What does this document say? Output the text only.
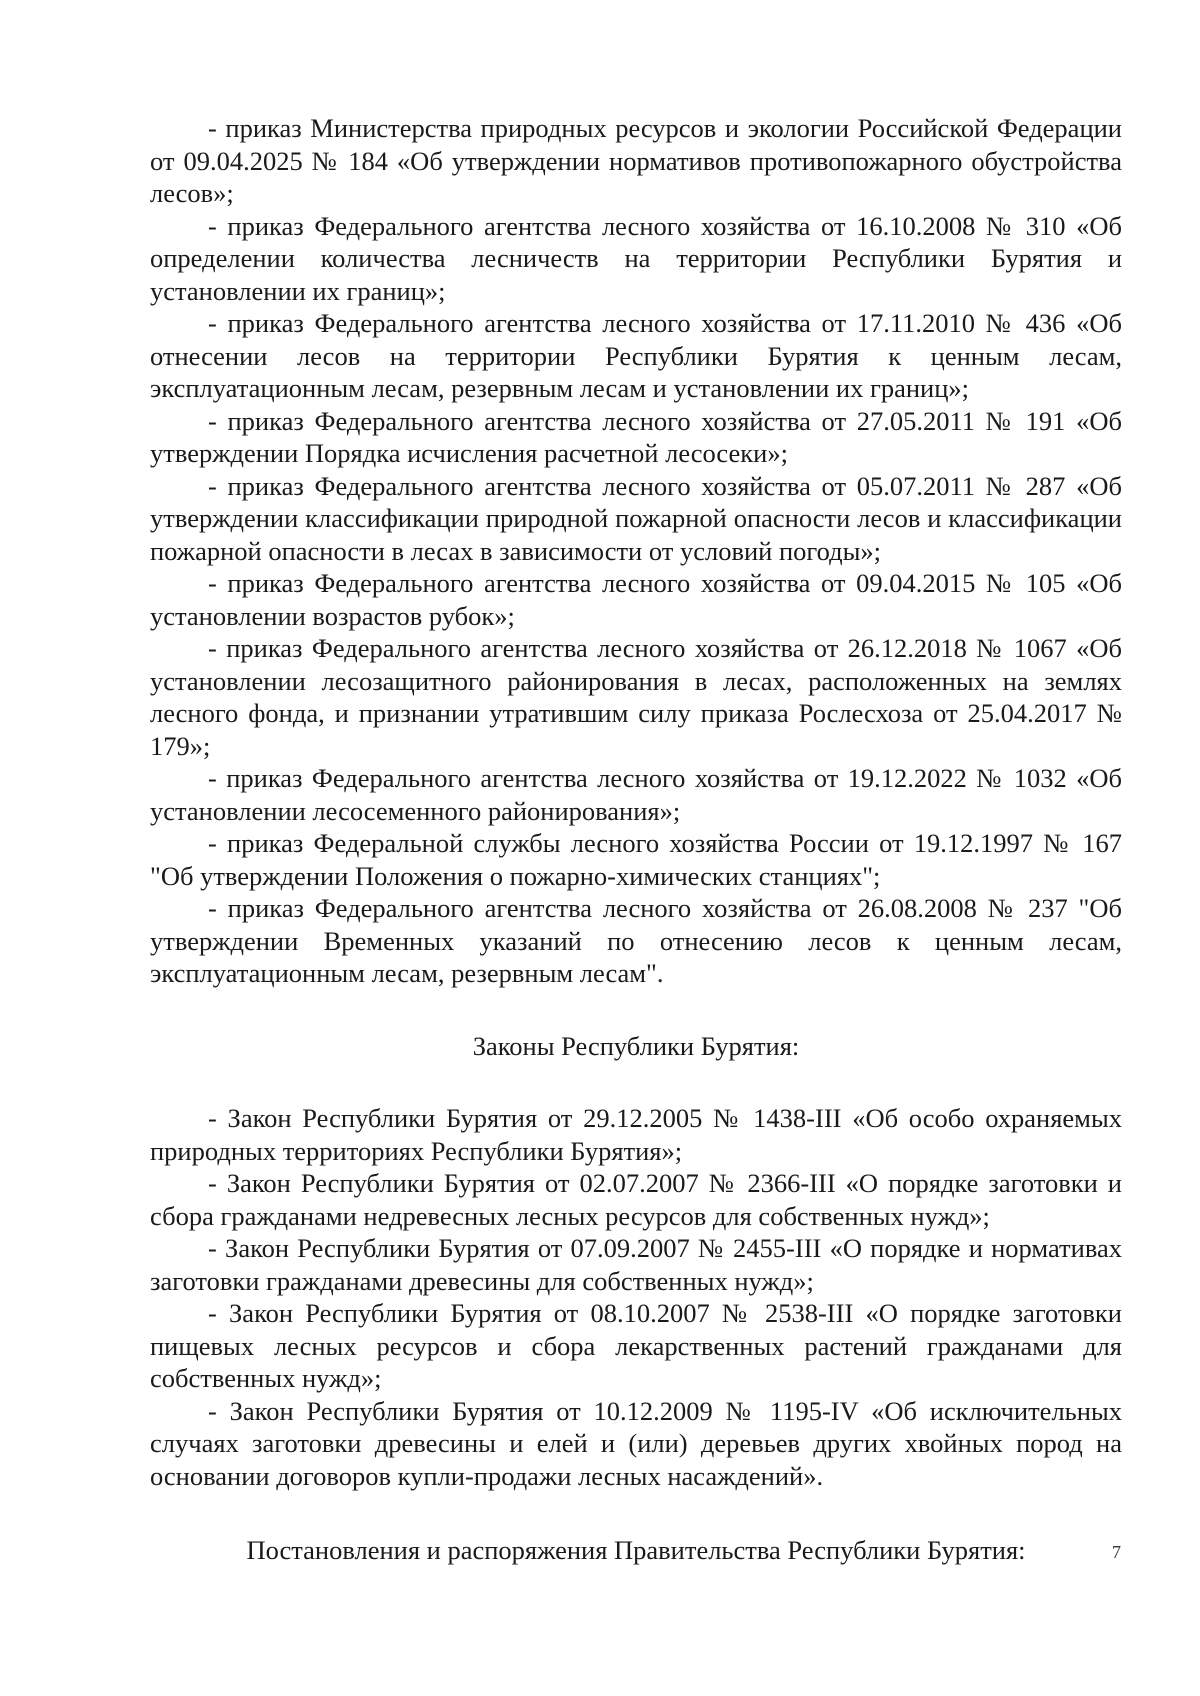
- приказ Министерства природных ресурсов и экологии Российской Федерации от 09.04.2025 № 184 «Об утверждении нормативов противопожарного обустройства лесов»;

- приказ Федерального агентства лесного хозяйства от 16.10.2008 № 310 «Об определении количества лесничеств на территории Республики Бурятия и установлении их границ»;

- приказ Федерального агентства лесного хозяйства от 17.11.2010 № 436 «Об отнесении лесов на территории Республики Бурятия к ценным лесам, эксплуатационным лесам, резервным лесам и установлении их границ»;

- приказ Федерального агентства лесного хозяйства от 27.05.2011 № 191 «Об утверждении Порядка исчисления расчетной лесосеки»;

- приказ Федерального агентства лесного хозяйства от 05.07.2011 № 287 «Об утверждении классификации природной пожарной опасности лесов и классификации пожарной опасности в лесах в зависимости от условий погоды»;

- приказ Федерального агентства лесного хозяйства от 09.04.2015 № 105 «Об установлении возрастов рубок»;

- приказ Федерального агентства лесного хозяйства от 26.12.2018 № 1067 «Об установлении лесозащитного районирования в лесах, расположенных на землях лесного фонда, и признании утратившим силу приказа Рослесхоза от 25.04.2017 № 179»;

- приказ Федерального агентства лесного хозяйства от 19.12.2022 № 1032 «Об установлении лесосеменного районирования»;

- приказ Федеральной службы лесного хозяйства России от 19.12.1997 № 167 "Об утверждении Положения о пожарно-химических станциях";

- приказ Федерального агентства лесного хозяйства от 26.08.2008 № 237 "Об утверждении Временных указаний по отнесению лесов к ценным лесам, эксплуатационным лесам, резервным лесам".

Законы Республики Бурятия:

- Закон Республики Бурятия от 29.12.2005 № 1438-III «Об особо охраняемых природных территориях Республики Бурятия»;

- Закон Республики Бурятия от 02.07.2007 № 2366-III «О порядке заготовки и сбора гражданами недревесных лесных ресурсов для собственных нужд»;

- Закон Республики Бурятия от 07.09.2007 № 2455-III «О порядке и нормативах заготовки гражданами древесины для собственных нужд»;

- Закон Республики Бурятия от 08.10.2007 № 2538-III «О порядке заготовки пищевых лесных ресурсов и сбора лекарственных растений гражданами для собственных нужд»;

- Закон Республики Бурятия от 10.12.2009 № 1195-IV «Об исключительных случаях заготовки древесины и елей и (или) деревьев других хвойных пород на основании договоров купли-продажи лесных насаждений».

Постановления и распоряжения Правительства Республики Бурятия:	7
